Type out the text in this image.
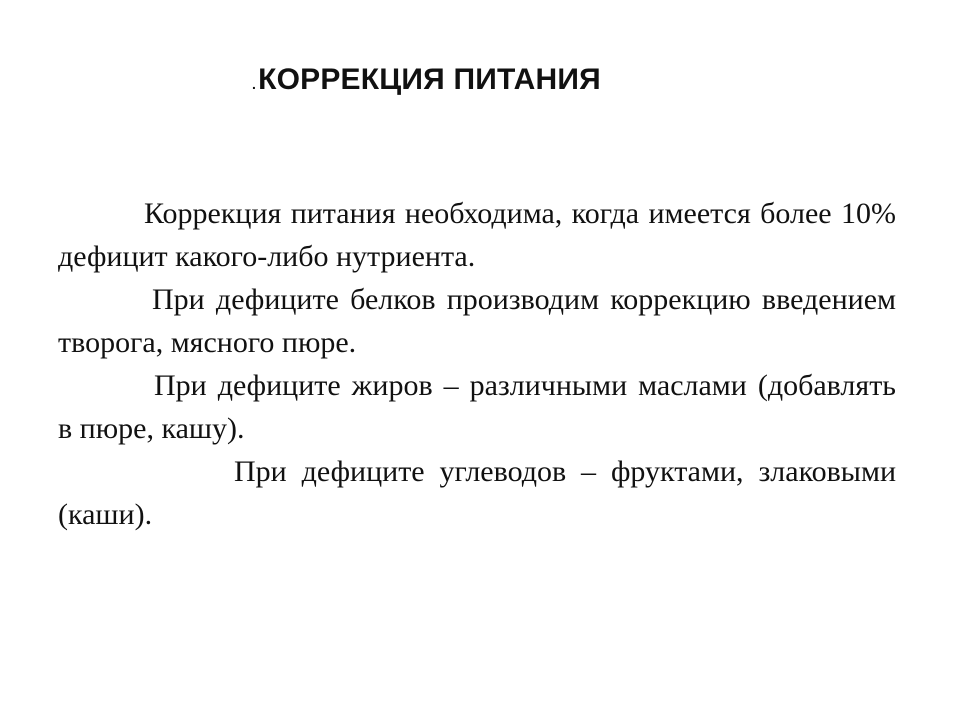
.КОРРЕКЦИЯ ПИТАНИЯ

Коррекция питания необходима, когда имеется более 10% дефицит какого-либо нутриента.

При дефиците белков производим коррекцию введением творога, мясного пюре.

При дефиците жиров – различными маслами (добавлять в пюре, кашу).

При дефиците углеводов – фруктами, злаковыми (каши).
